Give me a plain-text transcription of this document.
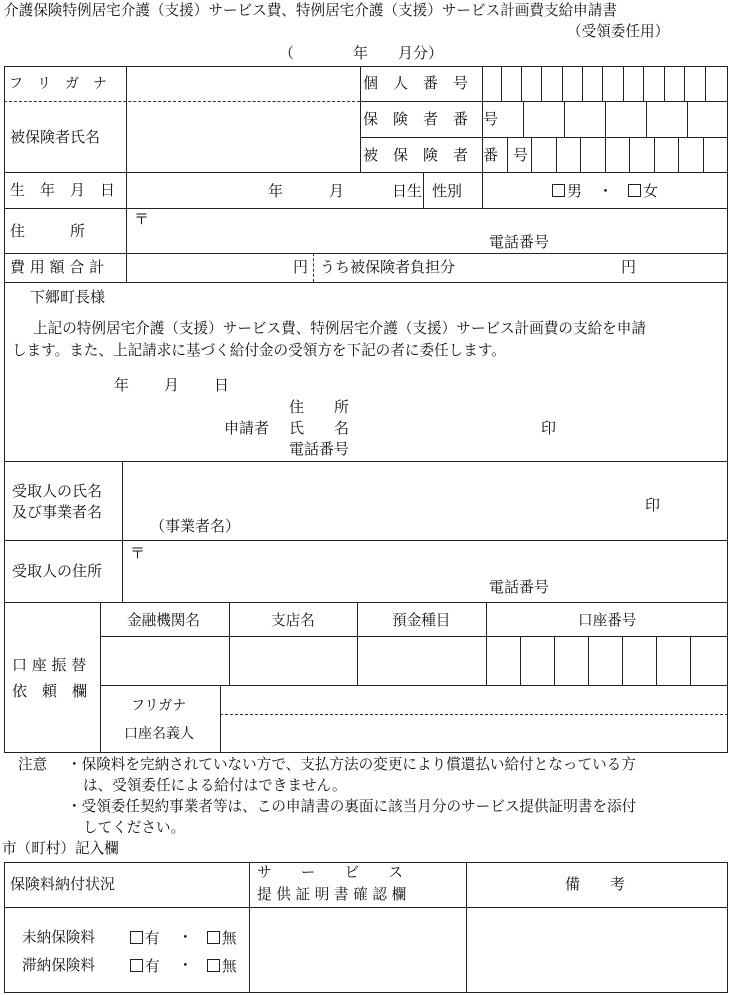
介護保険特例居宅介護（支援）サービス費、特例居宅介護（支援）サービス計画費支給申請書
（受領委任用）
（	年 月分）
フ　リ　ガ　ナ
被保険者氏名
個　人　番　号
保　険　者　番　号
被　保　険　者　番　号
生　年　月　日	年	月	日生 性別	男 ・	女
住　　　所
〒
電話番号
費 用 額 合 計	円 うち被保険者負担分	円
下郷町長様
上記の特例居宅介護（支援）サービス費、特例居宅介護（支援）サービス計画費の支給を申請
します。また、上記請求に基づく給付金の受領方を下記の者に委任します。
年 月 日
住　　所
申請者 氏　　名	印
電話番号
受取人の氏名
及び事業者名	印
（事業者名）
受取人の住所
〒
電話番号
口 座 振 替
依　頼　欄
金融機関名	支店名	預金種目	口座番号
フリガナ
口座名義人
注意 ・保険料を完納されていない方で、支払方法の変更により償還払い給付となっている方
は、受領委任による給付はできません。
・受領委任契約事業者等は、この申請書の裏面に該当月分のサービス提供証明書を添付
してください。
市（町村）記入欄
保険料納付状況
サ　　ー　　ビ　　ス
提 供 証 明 書 確 認 欄
備　　考
未納保険料	有 ・	無
滞納保険料	有 ・	無
